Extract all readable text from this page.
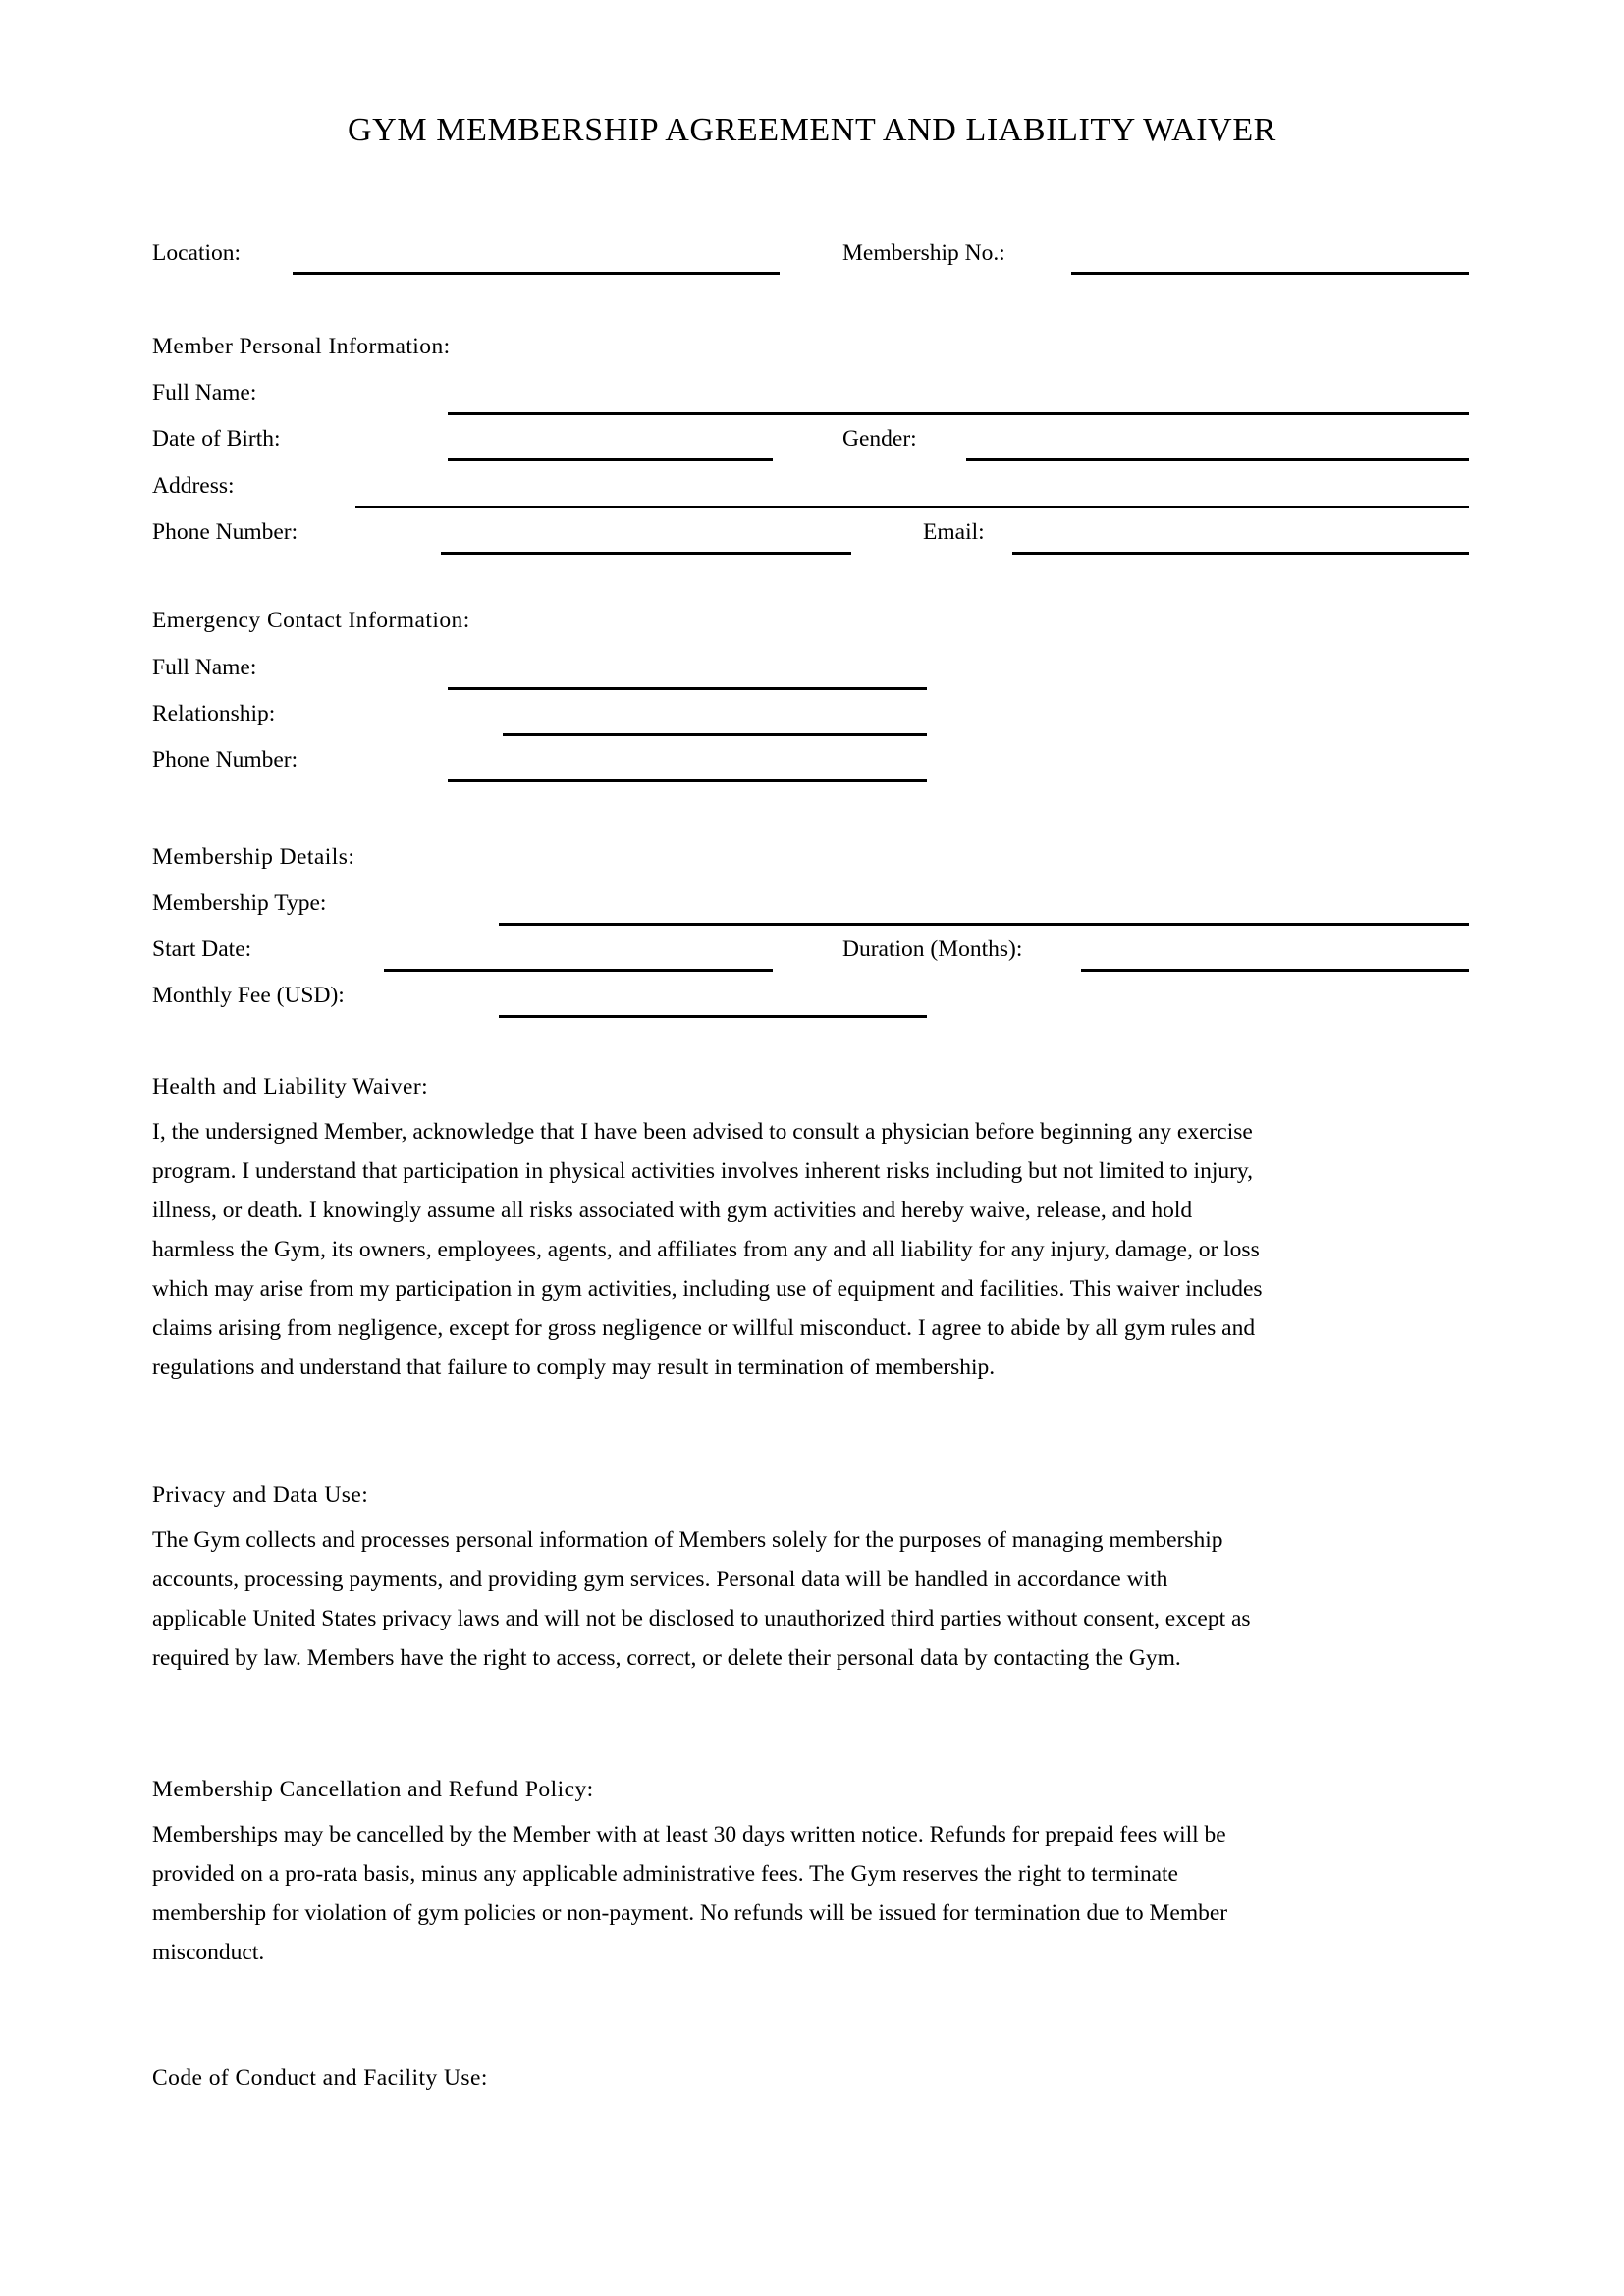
GYM MEMBERSHIP AGREEMENT AND LIABILITY WAIVER
Location:	Membership No.:
Member Personal Information:
Full Name:
Date of Birth:	Gender:
Address:
Phone Number:	Email:
Emergency Contact Information:
Full Name:
Relationship:
Phone Number:
Membership Details:
Membership Type:
Start Date:	Duration (Months):
Monthly Fee (USD):
Health and Liability Waiver:
I, the undersigned Member, acknowledge that I have been advised to consult a physician before beginning any exercise
program. I understand that participation in physical activities involves inherent risks including but not limited to injury,
illness, or death. I knowingly assume all risks associated with gym activities and hereby waive, release, and hold
harmless the Gym, its owners, employees, agents, and affiliates from any and all liability for any injury, damage, or loss
which may arise from my participation in gym activities, including use of equipment and facilities. This waiver includes
claims arising from negligence, except for gross negligence or willful misconduct. I agree to abide by all gym rules and
regulations and understand that failure to comply may result in termination of membership.
Privacy and Data Use:
The Gym collects and processes personal information of Members solely for the purposes of managing membership
accounts, processing payments, and providing gym services. Personal data will be handled in accordance with
applicable United States privacy laws and will not be disclosed to unauthorized third parties without consent, except as
required by law. Members have the right to access, correct, or delete their personal data by contacting the Gym.
Membership Cancellation and Refund Policy:
Memberships may be cancelled by the Member with at least 30 days written notice. Refunds for prepaid fees will be
provided on a pro-rata basis, minus any applicable administrative fees. The Gym reserves the right to terminate
membership for violation of gym policies or non-payment. No refunds will be issued for termination due to Member
misconduct.
Code of Conduct and Facility Use:
